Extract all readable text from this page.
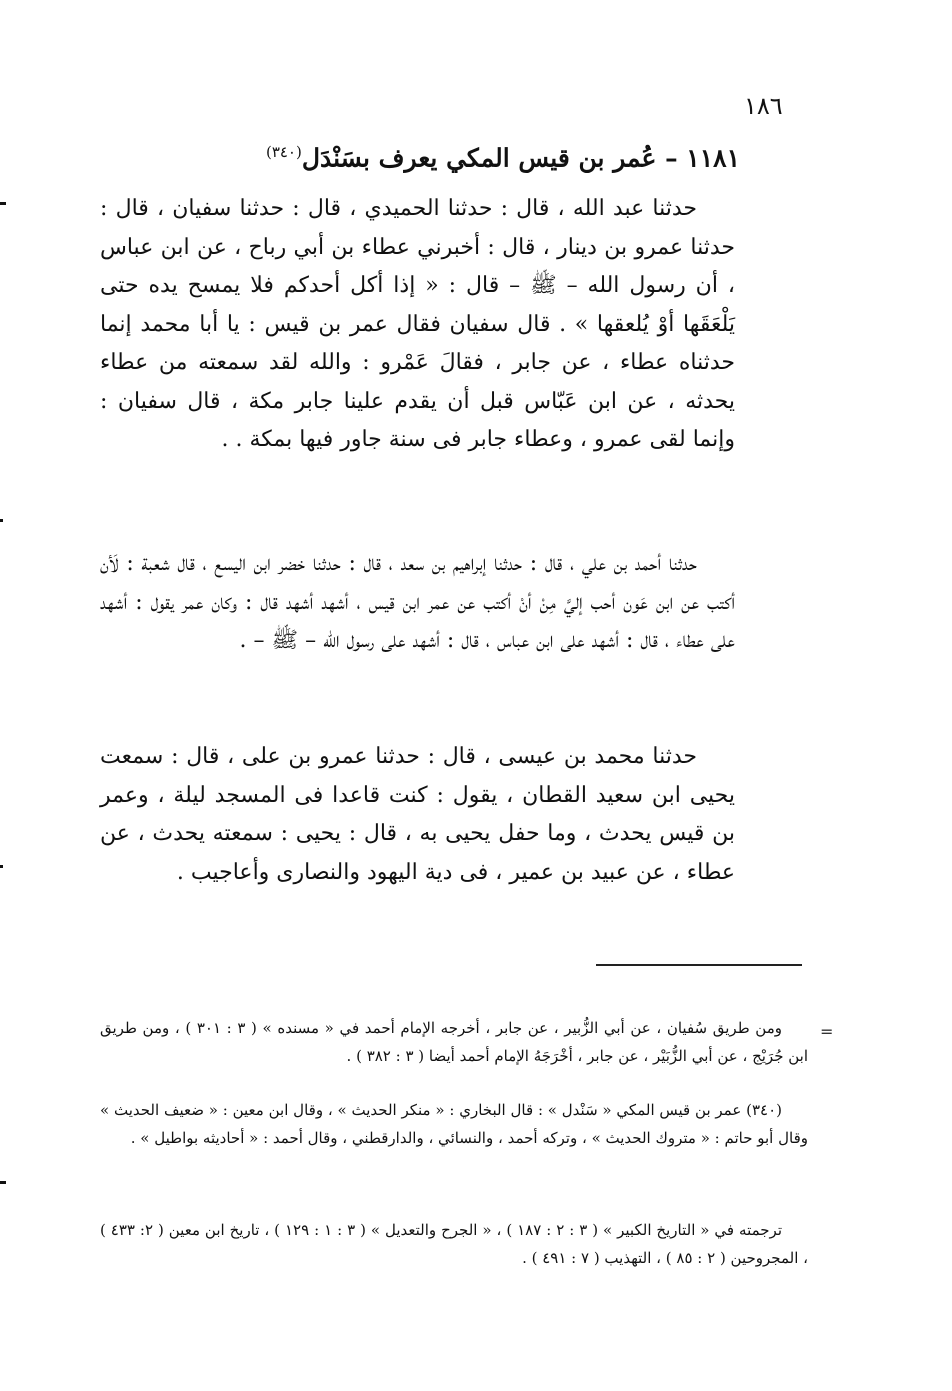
١٨٦
١١٨١ – عُمر بن قيس المكي يعرف بسَنْدَل$^{(٣٤٠)}$
حدثنا عبد الله ، قال : حدثنا الحميدي ، قال : حدثنا سفيان ، قال : حدثنا عمرو بن دينار ، قال : أخبرني عطاء بن أبي رباح ، عن ابن عباس ، أن رسول الله – ﷺ – قال : « إذا أكل أحدكم فلا يمسح يده حتى يَلْعَقَها أوْ يُلعقها » . قال سفيان فقال عمر بن قيس : يا أبا محمد إنما حدثناه عطاء ، عن جابر ، فقالَ عَمْرو : والله لقد سمعته من عطاء يحدثه ، عن ابن عَبّاس قبل أن يقدم علينا جابر مكة ، قال سفيان : وإنما لقى عمرو ، وعطاء جابر فى سنة جاور فيها بمكة . .
حدثنا أحمد بن علي ، قال : حدثنا إبراهيم بن سعد ، قال : حدثنا خضر ابن اليسع ، قال شعبة : لَأن أكتب عن ابن عَون أحب إليَّ مِنْ أنْ أكتب عن عمر ابن قيس ، أشهد أشهد قال : وكان عمر يقول : أشهد على عطاء ، قال : أشهد على ابن عباس ، قال : أشهد على رسول الله – ﷺ – .
حدثنا محمد بن عيسى ، قال : حدثنا عمرو بن على ، قال : سمعت يحيى ابن سعيد القطان ، يقول : كنت قاعدا فى المسجد ليلة ، وعمر بن قيس يحدث ، وما حفل يحيى به ، قال : يحيى : سمعته يحدث ، عن عطاء ، عن عبيد بن عمير ، فى دية اليهود والنصارى وأعاجيب .
=
ومن طريق سُفيان ، عن أبي الزُّبير ، عن جابر ، أخرجه الإمام أحمد في « مسنده » ( ٣ : ٣٠١ ) ، ومن طريق ابن جُرَيْج ، عن أبي الزُّبَيْر ، عن جابر ، أخْرَجَهُ الإمام أحمد أيضا ( ٣ : ٣٨٢ ) .
(٣٤٠) عمر بن قيس المكي « سَنْدل » : قال البخاري : « منكر الحديث » ، وقال ابن معين : « ضعيف الحديث » وقال أبو حاتم : « متروك الحديث » ، وتركه أحمد ، والنسائي ، والدارقطني ، وقال أحمد : « أحاديثه بواطيل » .
ترجمته في « التاريخ الكبير » ( ٣ : ٢ : ١٨٧ ) ، « الجرح والتعديل » ( ٣ : ١ : ١٢٩ ) ، تاريخ ابن معين ( ٢: ٤٣٣ ) ، المجروحين ( ٢ : ٨٥ ) ، التهذيب ( ٧ : ٤٩١ ) .
